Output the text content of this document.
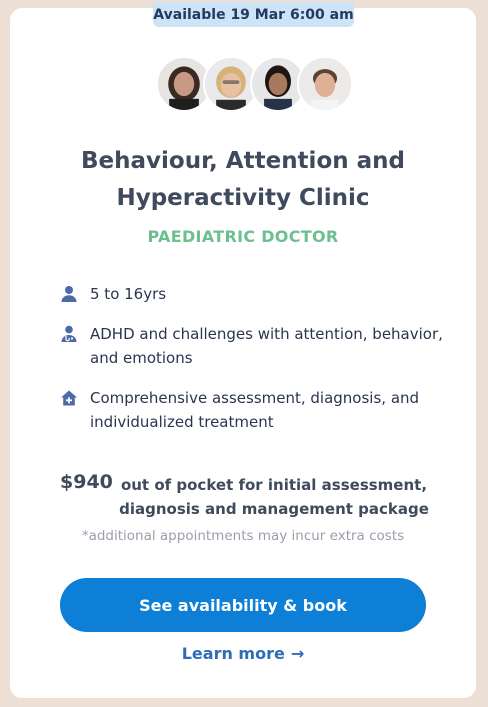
Available 19 Mar 6:00 am
Behaviour, Attention and
Hyperactivity Clinic
PAEDIATRIC DOCTOR
5 to 16yrs
ADHD and challenges with attention, behavior, and emotions
Comprehensive assessment, diagnosis, and individualized treatment
$940 out of pocket for initial assessment, diagnosis and management package
*additional appointments may incur extra costs
See availability & book
Learn more →
